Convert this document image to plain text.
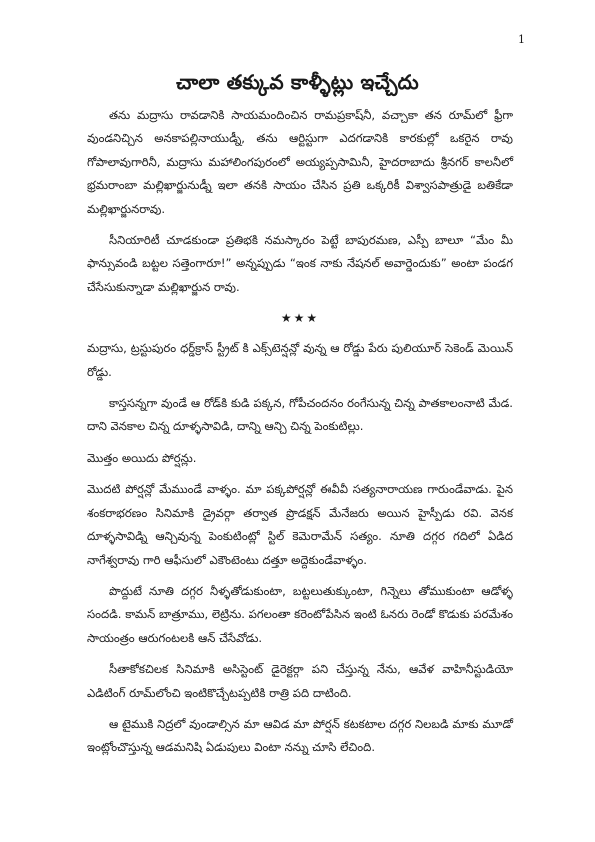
1
చాలా తక్కువ కాళ్ళీట్లు ఇచ్చేదు

తను మద్రాసు రావడానికి సాయమందించిన రామప్రకాష్‌నీ, వచ్చాకా తన రూమ్‌లో ఫ్రీగా వుండనిచ్చిన అనకాపల్లినాయుడ్నీ, తను ఆర్టిస్టుగా ఎదగడానికి కారకుల్లో ఒకరైన రావు గోపాలావుగారినీ, మద్రాసు మహాలింగపురంలో అయ్యప్పసామినీ, హైదరాబాదు శ్రీనగర్ కాలనీలో భ్రమరాంబా మల్లిఖార్జునుడ్నీ ఇలా తనకి సాయం చేసిన ప్రతి ఒక్కరికీ విశ్వాసపాత్రుడై బతికేడా మల్లిఖార్జునరావు.

సీనియారిటీ చూడకుండా ప్రతిభకి నమస్కారం పెట్టే బాపురమణ, ఎస్పీ బాలూ “మేం మీ ఫాన్సువండి బట్టల సత్తెంగారూ!” అన్నప్పుడు “ఇంక నాకు నేషనల్ అవార్డెందుకు” అంటా పండగ చేసేసుకున్నాడా మల్లిఖార్జున రావు.

★★★

మద్రాసు, ట్రస్టుపురం ధర్డ్‌క్రాస్ స్ట్రీట్ కి ఎక్స్‌టెన్షన్లో వున్న ఆ రోడ్డు పేరు పులియూర్ సెకెండ్ మెయిన్ రోడ్డు.

కాస్తసన్నగా వుండే ఆ రోడ్‌కి కుడి పక్కన, గోపీచందనం రంగేసున్న చిన్న పాతకాలంనాటి మేడ. దాని వెనకాల చిన్న దూళ్ళసావిడి, దాన్ని ఆన్చి చిన్న పెంకుటిల్లు.

మొత్తం అయిదు పోర్షన్లు.

మొదటి పోర్షన్లో మేముండే వాళ్ళం. మా పక్కపోర్షన్లో ఈవీవీ సత్యనారాయణ గారుండేవాడు. పైన శంకరాభరణం సినిమాకి డ్రైవర్గా తర్వాత ప్రొడక్షన్ మేనేజరు అయిన హైస్పీడు రవి. వెనక దూళ్ళసావిడ్ని ఆన్చివున్న పెంకుటింట్లో స్టిల్ కెమెరామేన్ సత్యం. నూతి దగ్గర గదిలో ఏడిద నాగేశ్వరావు గారి ఆఫీసులో ఎకౌంటెంటు దత్తూ అద్దెకుండేవాళ్ళం.

పొద్దుటే నూతి దగ్గర నీళ్ళతోడుకుంటా, బట్టలుతుక్కుంటా, గిన్నెలు తోముకుంటా ఆడోళ్ళ సందడి. కామన్ బాత్రూము, లెట్రిను. పగలంతా కరెంటోపేసిన ఇంటి ఓనరు రెండో కొడుకు పరమేశం సాయంత్రం ఆరుగంటలకి ఆన్ చేసేవోడు.

సీతాకోకచిలక సినిమాకి అసిస్టెంట్ డైరెక్టర్గా పని చేస్తున్న నేను, ఆవేళ వాహినీస్టుడియో ఎడిటింగ్ రూమ్‌లోంచి ఇంటికొచ్చేటప్పటికి రాత్రి పది దాటింది.

ఆ టైముకి నిద్రలో వుండాల్సిన మా ఆవిడ మా పోర్షన్ కటకటాల దగ్గర నిలబడి మాకు మూడో ఇంట్లోంచొస్తున్న ఆడమనిషి ఏడుపులు వింటా నన్ను చూసి లేచింది.
